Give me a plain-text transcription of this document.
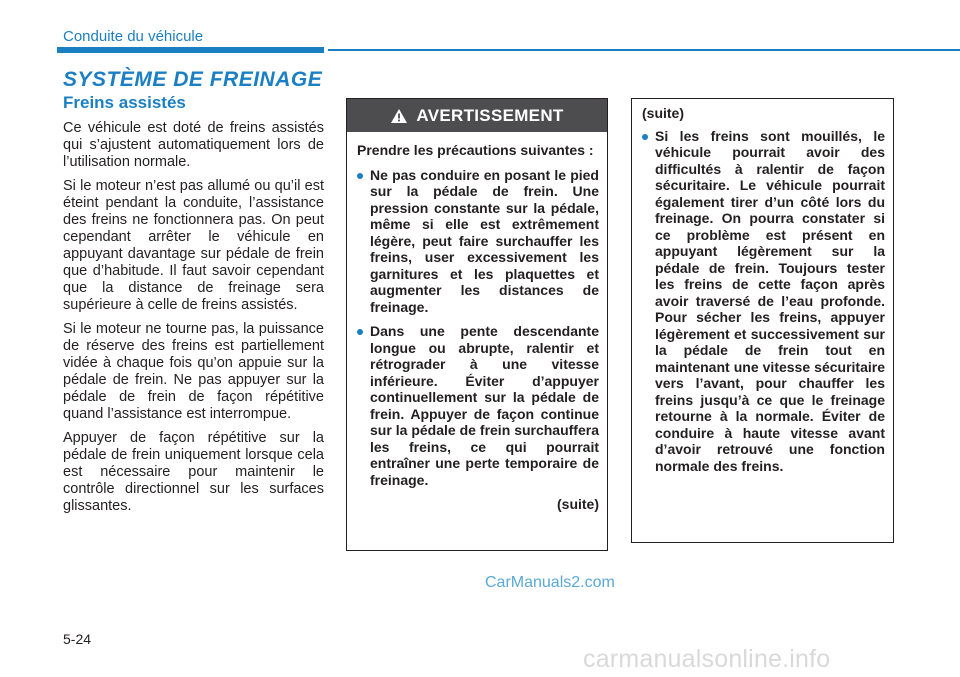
Conduite du véhicule
SYSTÈME DE FREINAGE
Freins assistés

Ce véhicule est doté de freins assistés qui s’ajustent automatiquement lors de l’utilisation normale.

Si le moteur n’est pas allumé ou qu’il est éteint pendant la conduite, l’assistance des freins ne fonctionnera pas. On peut cependant arrêter le véhicule en appuyant davantage sur pédale de frein que d’habitude. Il faut savoir cependant que la distance de freinage sera supérieure à celle de freins assistés.

Si le moteur ne tourne pas, la puissance de réserve des freins est partiellement vidée à chaque fois qu’on appuie sur la pédale de frein. Ne pas appuyer sur la pédale de frein de façon répétitive quand l’assistance est interrompue.

Appuyer de façon répétitive sur la pédale de frein uniquement lorsque cela est nécessaire pour maintenir le contrôle directionnel sur les surfaces glissantes.

AVERTISSEMENT

Prendre les précautions suivantes :

Ne pas conduire en posant le pied sur la pédale de frein. Une pression constante sur la pédale, même si elle est extrêmement légère, peut faire surchauffer les freins, user excessivement les garnitures et les plaquettes et augmenter les distances de freinage.
Dans une pente descendante longue ou abrupte, ralentir et rétrograder à une vitesse inférieure. Éviter d’appuyer continuellement sur la pédale de frein. Appuyer de façon continue sur la pédale de frein surchauffera les freins, ce qui pourrait entraîner une perte temporaire de freinage.

(suite)

(suite)

Si les freins sont mouillés, le véhicule pourrait avoir des difficultés à ralentir de façon sécuritaire. Le véhicule pourrait également tirer d’un côté lors du freinage. On pourra constater si ce problème est présent en appuyant légèrement sur la pédale de frein. Toujours tester les freins de cette façon après avoir traversé de l’eau profonde. Pour sécher les freins, appuyer légèrement et successivement sur la pédale de frein tout en maintenant une vitesse sécuritaire vers l’avant, pour chauffer les freins jusqu’à ce que le freinage retourne à la normale. Éviter de conduire à haute vitesse avant d’avoir retrouvé une fonction normale des freins.
CarManuals2.com
5-24
carmanualsonline.info
